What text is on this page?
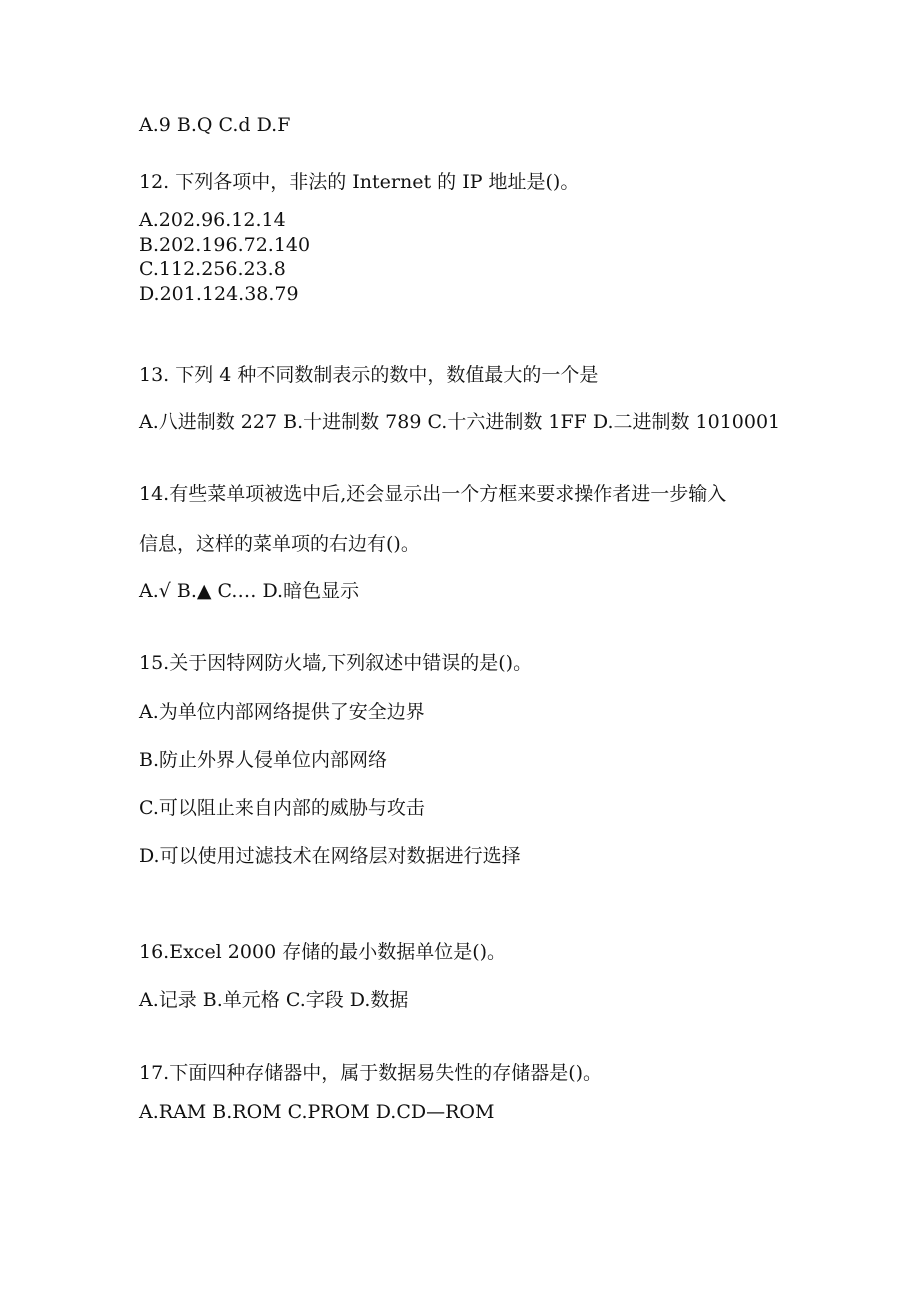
A.9 B.Q C.d D.F

12. 下列各项中，非法的 Internet 的 IP 地址是()。

A.202.96.12.14

B.202.196.72.140

C.112.256.23.8

D.201.124.38.79

13. 下列 4 种不同数制表示的数中，数值最大的一个是

A.八进制数 227 B.十进制数 789 C.十六进制数 1FF D.二进制数 1010001

14.有些菜单项被选中后,还会显示出一个方框来要求操作者进一步输入

信息，这样的菜单项的右边有()。

A.√ B.▲ C.… D.暗色显示

15.关于因特网防火墙,下列叙述中错误的是()。

A.为单位内部网络提供了安全边界

B.防止外界人侵单位内部网络

C.可以阻止来自内部的威胁与攻击

D.可以使用过滤技术在网络层对数据进行选择

16.Excel 2000 存储的最小数据单位是()。

A.记录 B.单元格 C.字段 D.数据

17.下面四种存储器中，属于数据易失性的存储器是()。

A.RAM B.ROM C.PROM D.CD—ROM
